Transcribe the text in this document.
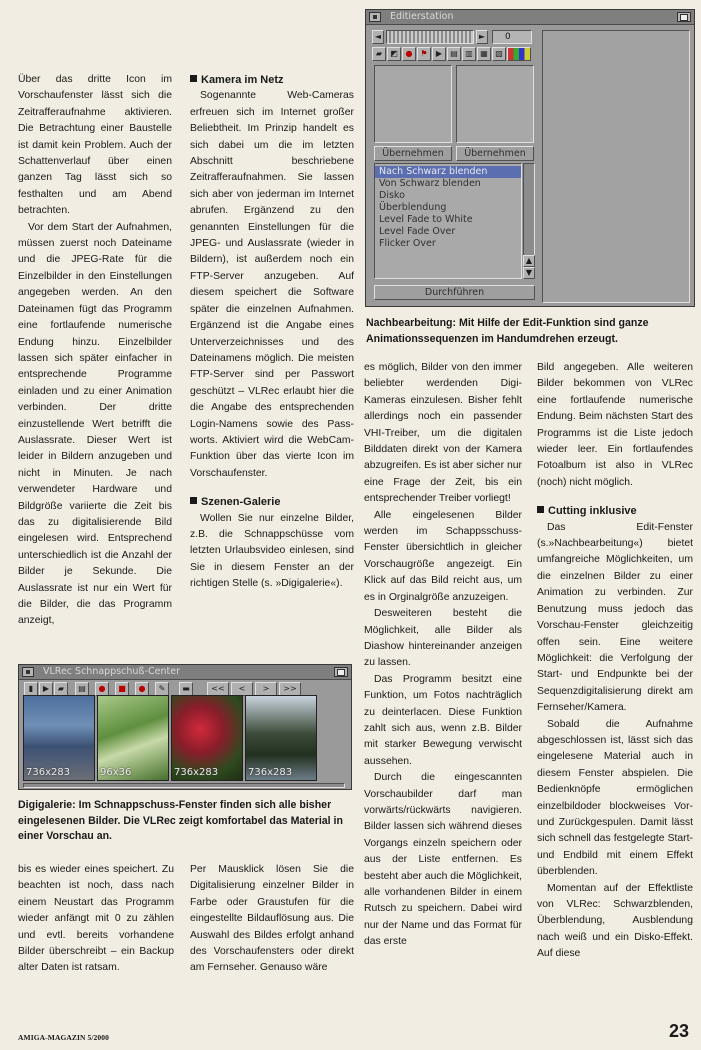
Über das dritte Icon im Vorschaufenster lässt sich die Zeitrafferaufnahme aktivieren. Die Betrachtung einer Baustelle ist damit kein Problem. Auch der Schattenverlauf über einen ganzen Tag lässt sich so festhalten und am Abend betrachten.

Vor dem Start der Aufnahmen, müssen zuerst noch Dateiname und die JPEG-Rate für die Einzelbilder in den Einstellungen angegeben werden. An den Dateinamen fügt das Programm eine fortlaufende numerische Endung hinzu. Einzelbilder lassen sich später einfacher in entsprechende Programme einladen und zu einer Animation verbinden. Der dritte einzustellende Wert betrifft die Auslassrate. Dieser Wert ist leider in Bildern anzugeben und nicht in Minuten. Je nach verwendeter Hardware und Bildgröße variierte die Zeit bis das zu digitalisierende Bild eingelesen wird. Entsprechend unterschiedlich ist die Anzahl der Bilder je Sekunde. Die Auslassrate ist nur ein Wert für die Bilder, die das Programm anzeigt,

Kamera im Netz

Sogenannte Web-Cameras erfreuen sich im Internet großer Beliebtheit. Im Prinzip handelt es sich dabei um die im letzten Abschnitt beschriebene Zeitrafferaufnahmen. Sie lassen sich aber von jederman im Internet abrufen. Ergänzend zu den genannten Einstellungen für die JPEG- und Auslassrate (wieder in Bildern), ist außerdem noch ein FTP-Server anzugeben. Auf diesem speichert die Software später die einzelnen Aufnahmen. Ergänzend ist die Angabe eines Unterverzeichnisses und des Dateinamens möglich. Die meisten FTP-Server sind per Passwort geschützt – VLRec erlaubt hier die die Angabe des entsprechenden Login-Namens sowie des Pass-worts. Aktiviert wird die WebCam-Funktion über das vierte Icon im Vorschaufenster.

Szenen-Galerie

Wollen Sie nur einzelne Bilder, z.B. die Schnappschüsse vom letzten Urlaubsvideo einlesen, sind Sie in diesem Fenster an der richtigen Stelle (s. »Digigalerie«).

Editierstation
◄	►	0
▰	◩ ● ⚑	▶	▤ ▥ ▦ ▧
Übernehmen	Übernehmen
Nach Schwarz blenden
Von Schwarz blenden
Disko
Überblendung
Level Fade to White
Level Fade Over
Flicker Over
▲
▼
Durchführen
Nachbearbeitung: Mit Hilfe der Edit-Funktion sind ganze Animationssequenzen im Handumdrehen erzeugt.

es möglich, Bilder von den immer beliebter werdenden Digi-Kameras einzulesen. Bisher fehlt allerdings noch ein passender VHI-Treiber, um die digitalen Bilddaten direkt von der Kamera abzugreifen. Es ist aber sicher nur eine Frage der Zeit, bis ein entsprechender Treiber vorliegt!

Alle eingelesenen Bilder werden im Schappsschuss-Fenster übersichtlich in gleicher Vorschaugröße angezeigt. Ein Klick auf das Bild reicht aus, um es in Orginalgröße anzuzeigen.

Desweiteren besteht die Möglichkeit, alle Bilder als Diashow hintereinander anzeigen zu lassen.

Das Programm besitzt eine Funktion, um Fotos nachträglich zu deinterlacen. Diese Funktion zahlt sich aus, wenn z.B. Bilder mit starker Bewegung verwischt aussehen.

Durch die eingescannten Vorschaubilder darf man vorwärts/rückwärts navigieren. Bilder lassen sich während dieses Vorgangs einzeln speichern oder aus der Liste entfernen. Es besteht aber auch die Möglichkeit, alle vorhandenen Bilder in einem Rutsch zu speichern. Dabei wird nur der Name und das Format für das erste

Bild angegeben. Alle weiteren Bilder bekommen von VLRec eine fortlaufende numerische Endung. Beim nächsten Start des Programms ist die Liste jedoch wieder leer. Ein fortlaufendes Fotoalbum ist also in VLRec (noch) nicht möglich.

Cutting inklusive

Das Edit-Fenster (s.»Nachbearbeitung«) bietet umfangreiche Möglichkeiten, um die einzelnen Bilder zu einer Animation zu verbinden. Zur Benutzung muss jedoch das Vorschau-Fenster gleichzeitig offen sein. Eine weitere Möglichkeit: die Verfolgung der Start- und Endpunkte bei der Sequenzdigitalisierung direkt am Fernseher/Kamera.

Sobald die Aufnahme abgeschlossen ist, lässt sich das eingelesene Material auch in diesem Fenster abspielen. Die Bedienknöpfe ermöglichen einzelbildoder blockweises Vor- und Zurückgespulen. Damit lässt sich schnell das festgelegte Start- und Endbild mit einem Effekt überblenden.

Momentan auf der Effektliste von VLRec: Schwarzblenden, Überblendung, Ausblendung nach weiß und ein Disko-Effekt. Auf diese

VLRec Schnappschuß-Center
▮	▶	▰	▤	●	■	●	✎	▬	<<	<	>	>>
736x283	96x36	736x283	736x283
Digigalerie: Im Schnappschuss-Fenster finden sich alle bisher eingelesenen Bilder. Die VLRec zeigt komfortabel das Material in einer Vorschau an.

bis es wieder eines speichert. Zu beachten ist noch, dass nach einem Neustart das Programm wieder anfängt mit 0 zu zählen und evtl. bereits vorhandene Bilder überschreibt – ein Backup alter Daten ist ratsam.

Per Mausklick lösen Sie die Digitalisierung einzelner Bilder in Farbe oder Graustufen für die eingestellte Bildauflösung aus. Die Auswahl des Bildes erfolgt anhand des Vorschaufensters oder direkt am Fernseher. Genauso wäre

AMIGA-MAGAZIN 5/2000	23
